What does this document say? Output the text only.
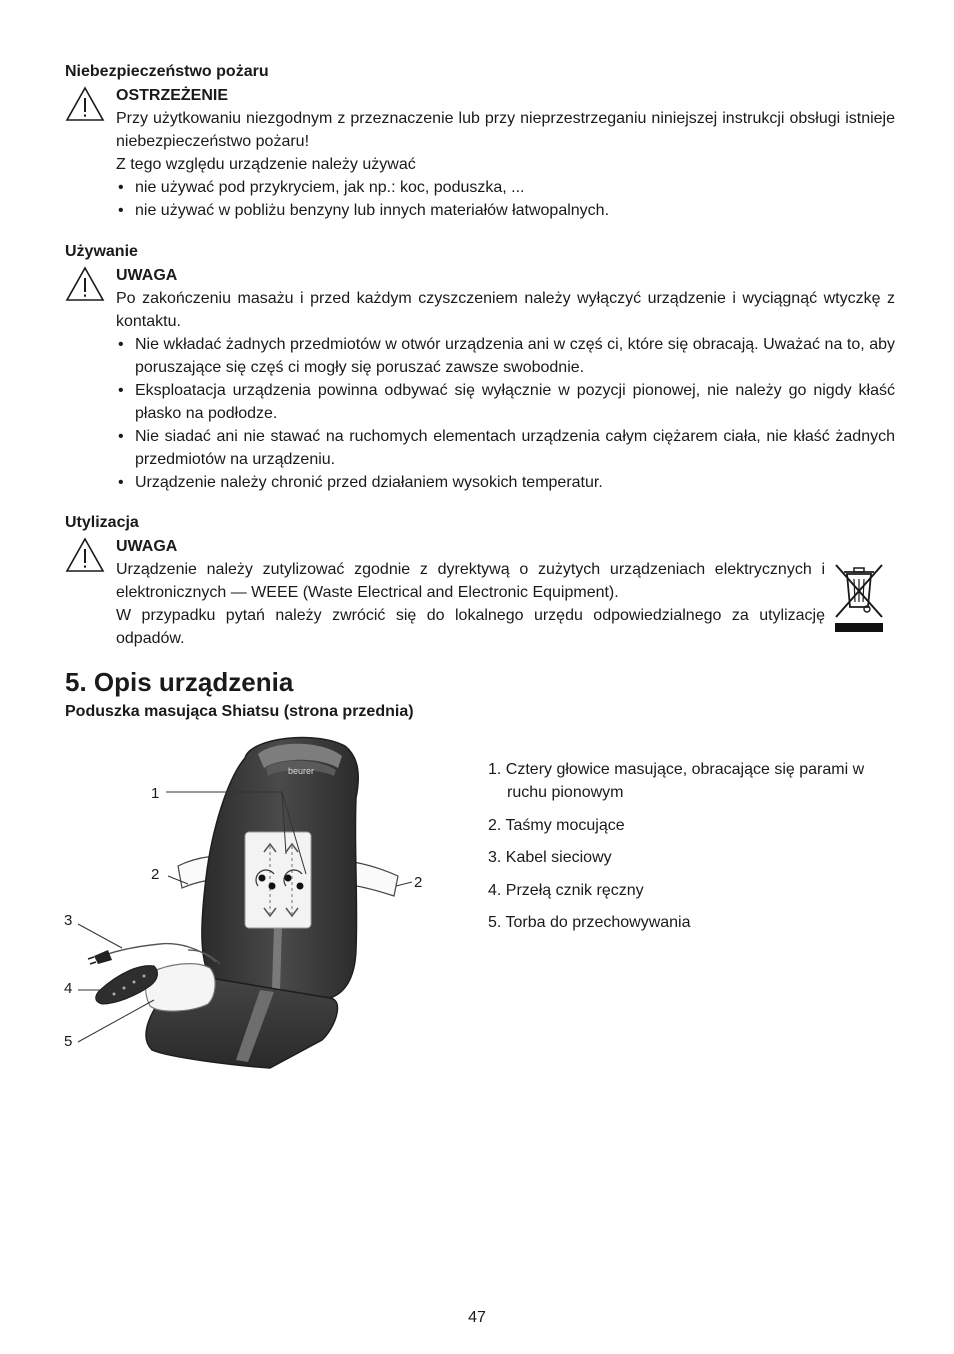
Niebezpieczeństwo pożaru
OSTRZEŻENIE

Przy użytkowaniu niezgodnym z przeznaczenie lub przy nieprzestrzeganiu niniejszej instrukcji obsługi istnieje niebezpieczeństwo pożaru!

Z tego względu urządzenie należy używać

• nie używać pod przykryciem, jak np.: koc, poduszka, ...
• nie używać w pobliżu benzyny lub innych materiałów łatwopalnych.
Używanie
UWAGA

Po zakończeniu masażu i przed każdym czyszczeniem należy wyłączyć urządzenie i wyciągnąć wtyczkę z kontaktu.

• Nie wkładać żadnych przedmiotów w otwór urządzenia ani w częś ci, które się obracają. Uważać na to, aby poruszające się częś ci mogły się poruszać zawsze swobodnie.
• Eksploatacja urządzenia powinna odbywać się wyłącznie w pozycji pionowej, nie należy go nigdy kłaść płasko na podłodze.
• Nie siadać ani nie stawać na ruchomych elementach urządzenia całym ciężarem ciała, nie kłaść żadnych przedmiotów na urządzeniu.
• Urządzenie należy chronić przed działaniem wysokich temperatur.
Utylizacja
UWAGA

Urządzenie należy zutylizować zgodnie z dyrektywą o zużytych urządzeniach elektrycznych i elektronicznych — WEEE (Waste Electrical and Electronic Equipment).

W przypadku pytań należy zwrócić się do lokalnego urzędu odpowiedzialnego za utylizację odpadów.

5. Opis urządzenia
Poduszka masująca Shiatsu (strona przednia)
beurer
1
2	2
3
4
5
1. Cztery głowice masujące, obracające się parami w ruchu pionowym
2. Taśmy mocujące
3. Kabel sieciowy
4. Przełą cznik ręczny
5. Torba do przechowywania
47
